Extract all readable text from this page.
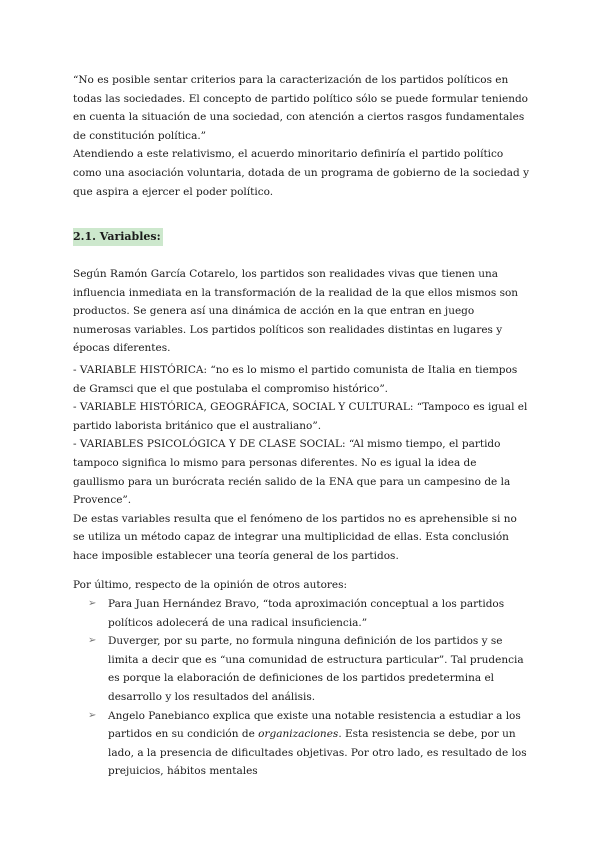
“No es posible sentar criterios para la caracterización de los partidos políticos en todas las sociedades. El concepto de partido político sólo se puede formular teniendo en cuenta la situación de una sociedad, con atención a ciertos rasgos fundamentales de constitución política.”

Atendiendo a este relativismo, el acuerdo minoritario definiría el partido político como una asociación voluntaria, dotada de un programa de gobierno de la sociedad y que aspira a ejercer el poder político.

2.1. Variables:

Según Ramón García Cotarelo, los partidos son realidades vivas que tienen una influencia inmediata en la transformación de la realidad de la que ellos mismos son productos. Se genera así una dinámica de acción en la que entran en juego numerosas variables. Los partidos políticos son realidades distintas en lugares y épocas diferentes.

- VARIABLE HISTÓRICA: “no es lo mismo el partido comunista de Italia en tiempos de Gramsci que el que postulaba el compromiso histórico”.

- VARIABLE HISTÓRICA, GEOGRÁFICA, SOCIAL Y CULTURAL: “Tampoco es igual el partido laborista británico que el australiano”.

- VARIABLES PSICOLÓGICA Y DE CLASE SOCIAL: “Al mismo tiempo, el partido tampoco significa lo mismo para personas diferentes. No es igual la idea de gaullismo para un burócrata recién salido de la ENA que para un campesino de la Provence”.

De estas variables resulta que el fenómeno de los partidos no es aprehensible si no se utiliza un método capaz de integrar una multiplicidad de ellas. Esta conclusión hace imposible establecer una teoría general de los partidos.

Por último, respecto de la opinión de otros autores:

➢ Para Juan Hernández Bravo, “toda aproximación conceptual a los partidos políticos adolecerá de una radical insuficiencia.”
➢ Duverger, por su parte, no formula ninguna definición de los partidos y se limita a decir que es “una comunidad de estructura particular”. Tal prudencia es porque la elaboración de definiciones de los partidos predetermina el desarrollo y los resultados del análisis.
➢ Angelo Panebianco explica que existe una notable resistencia a estudiar a los partidos en su condición de organizaciones. Esta resistencia se debe, por un lado, a la presencia de dificultades objetivas. Por otro lado, es resultado de los prejuicios, hábitos mentales
